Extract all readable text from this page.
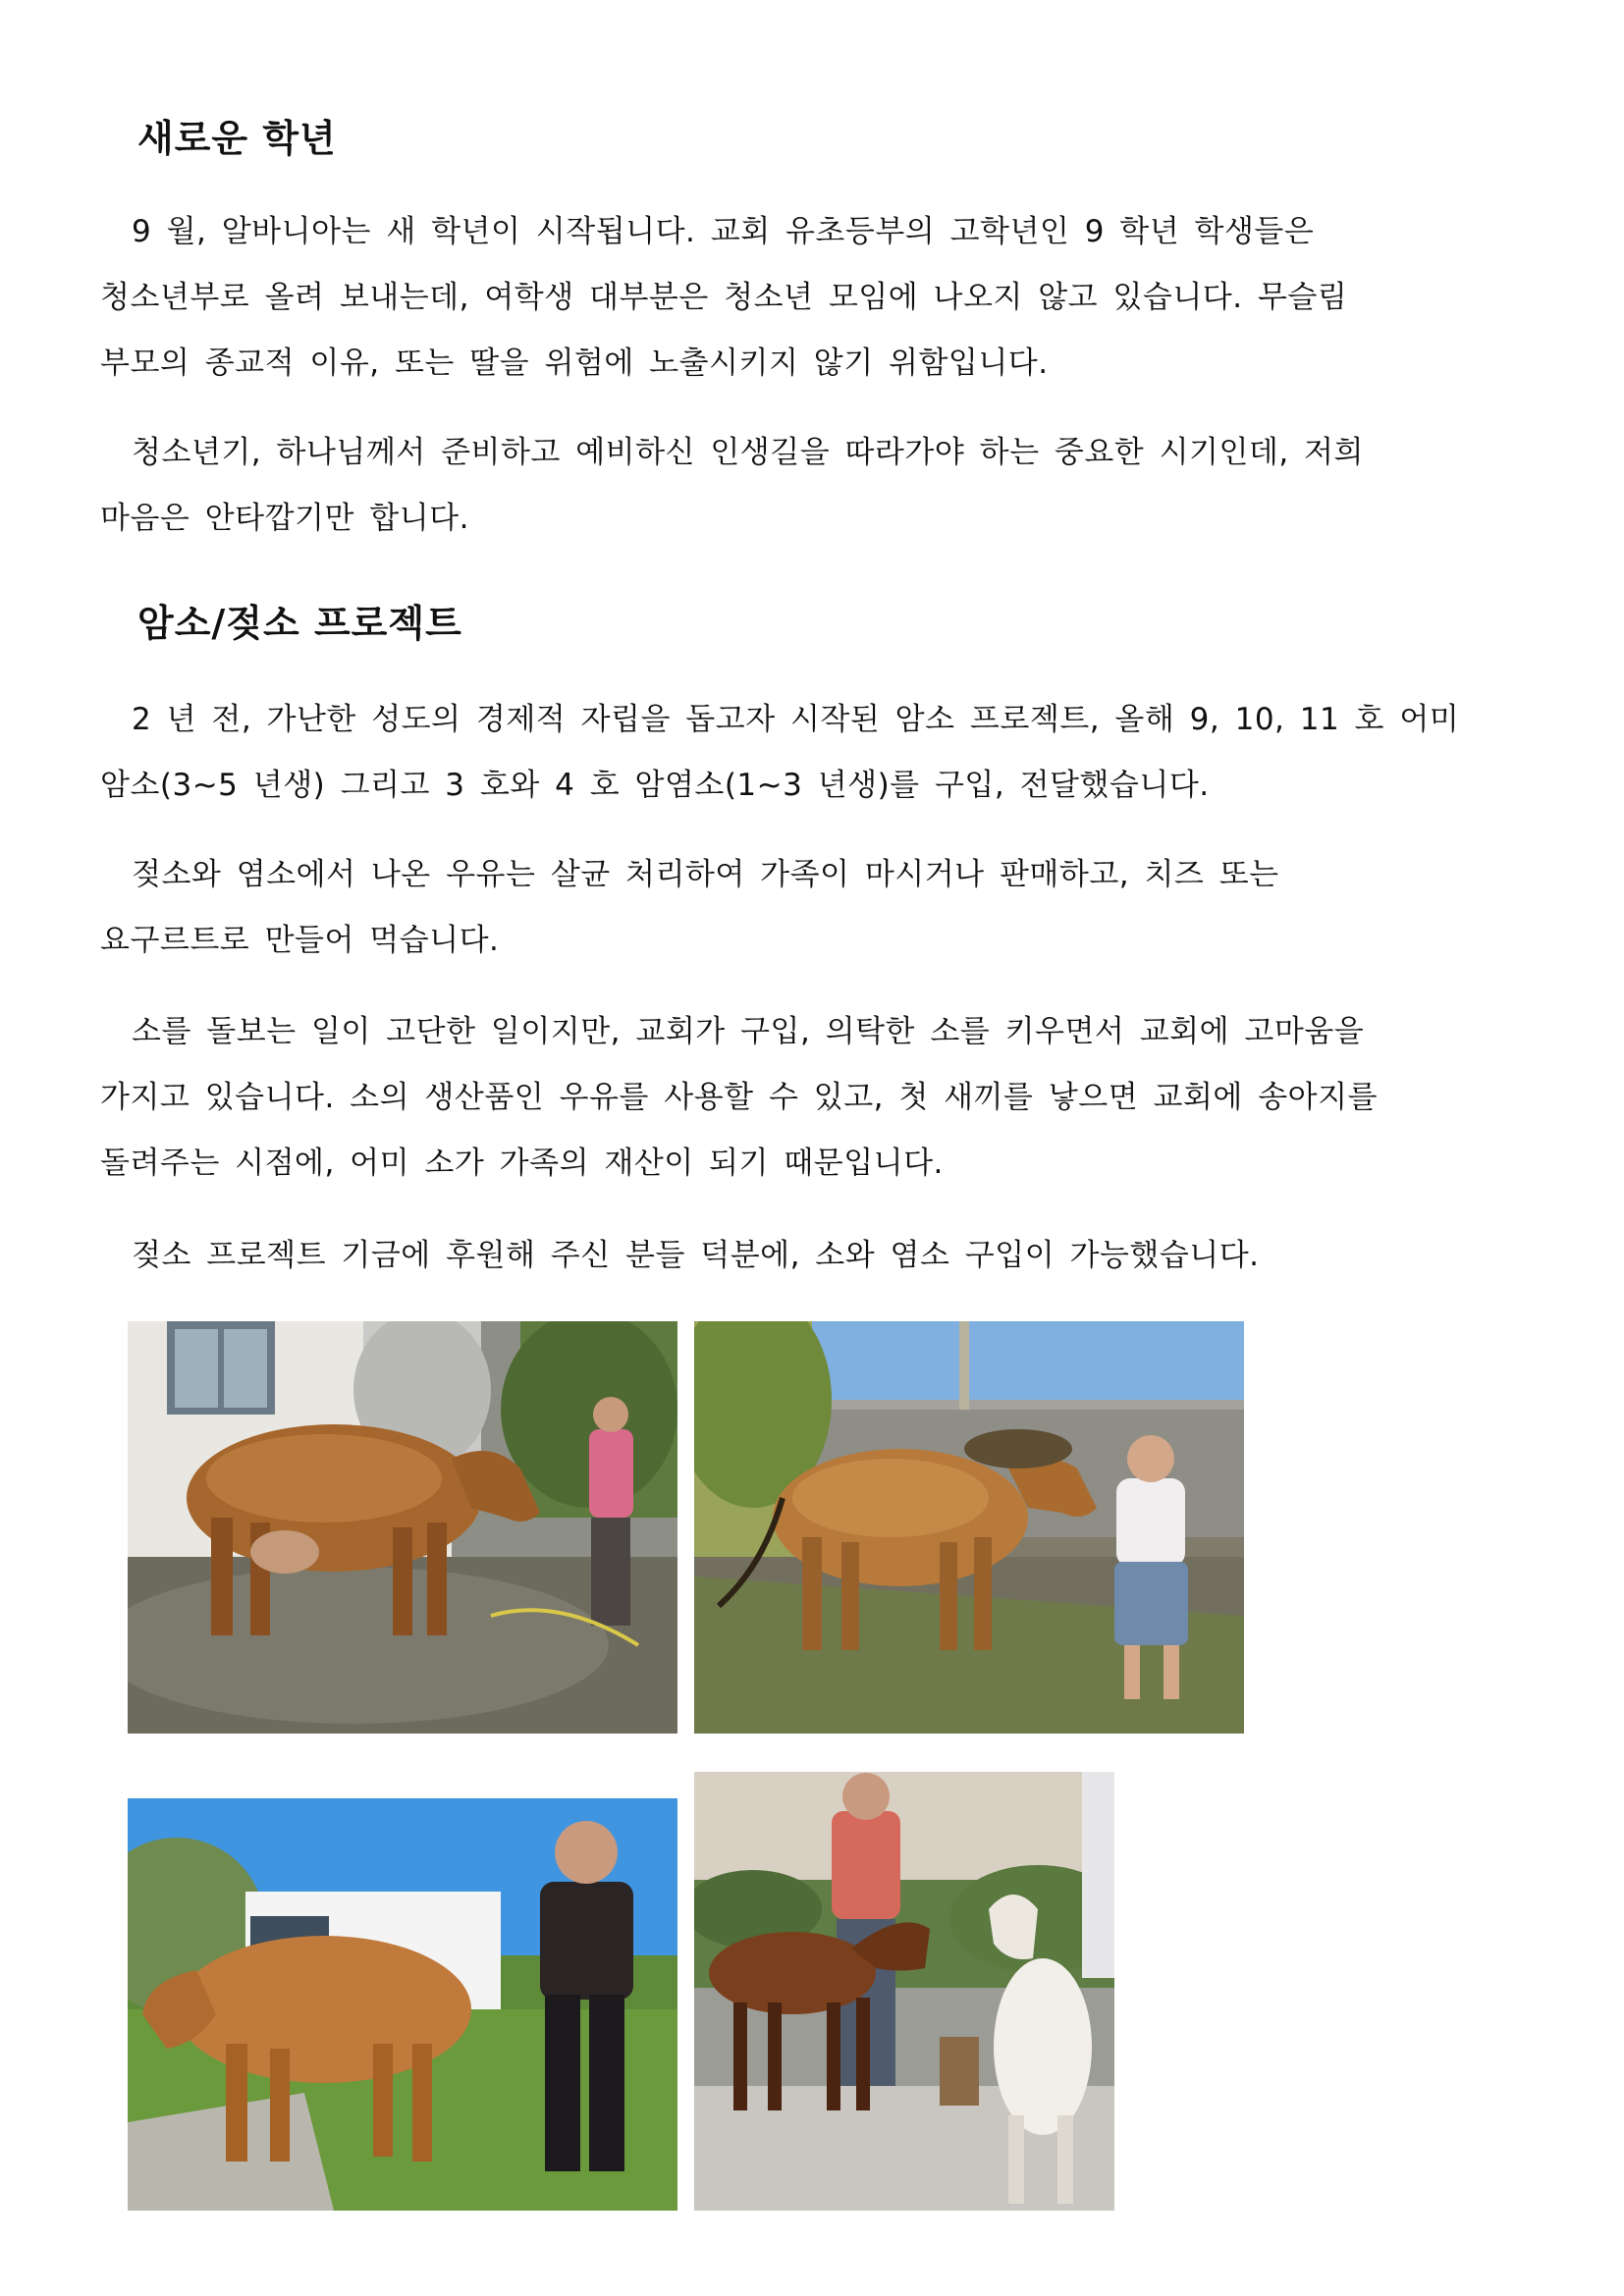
새로운 학년
9 월, 알바니아는 새 학년이 시작됩니다. 교회 유초등부의 고학년인 9 학년 학생들은
청소년부로 올려 보내는데, 여학생 대부분은 청소년 모임에 나오지 않고 있습니다. 무슬림
부모의 종교적 이유, 또는 딸을 위험에 노출시키지 않기 위함입니다.
청소년기, 하나님께서 준비하고 예비하신 인생길을 따라가야 하는 중요한 시기인데, 저희
마음은 안타깝기만 합니다.
암소/젖소 프로젝트
2 년 전, 가난한 성도의 경제적 자립을 돕고자 시작된 암소 프로젝트, 올해 9, 10, 11 호 어미
암소(3~5 년생) 그리고 3 호와 4 호 암염소(1~3 년생)를 구입, 전달했습니다.
젖소와 염소에서 나온 우유는 살균 처리하여 가족이 마시거나 판매하고, 치즈 또는
요구르트로 만들어 먹습니다.
소를 돌보는 일이 고단한 일이지만, 교회가 구입, 의탁한 소를 키우면서 교회에 고마움을
가지고 있습니다. 소의 생산품인 우유를 사용할 수 있고, 첫 새끼를 낳으면 교회에 송아지를
돌려주는 시점에, 어미 소가 가족의 재산이 되기 때문입니다.
젖소 프로젝트 기금에 후원해 주신 분들 덕분에, 소와 염소 구입이 가능했습니다.
